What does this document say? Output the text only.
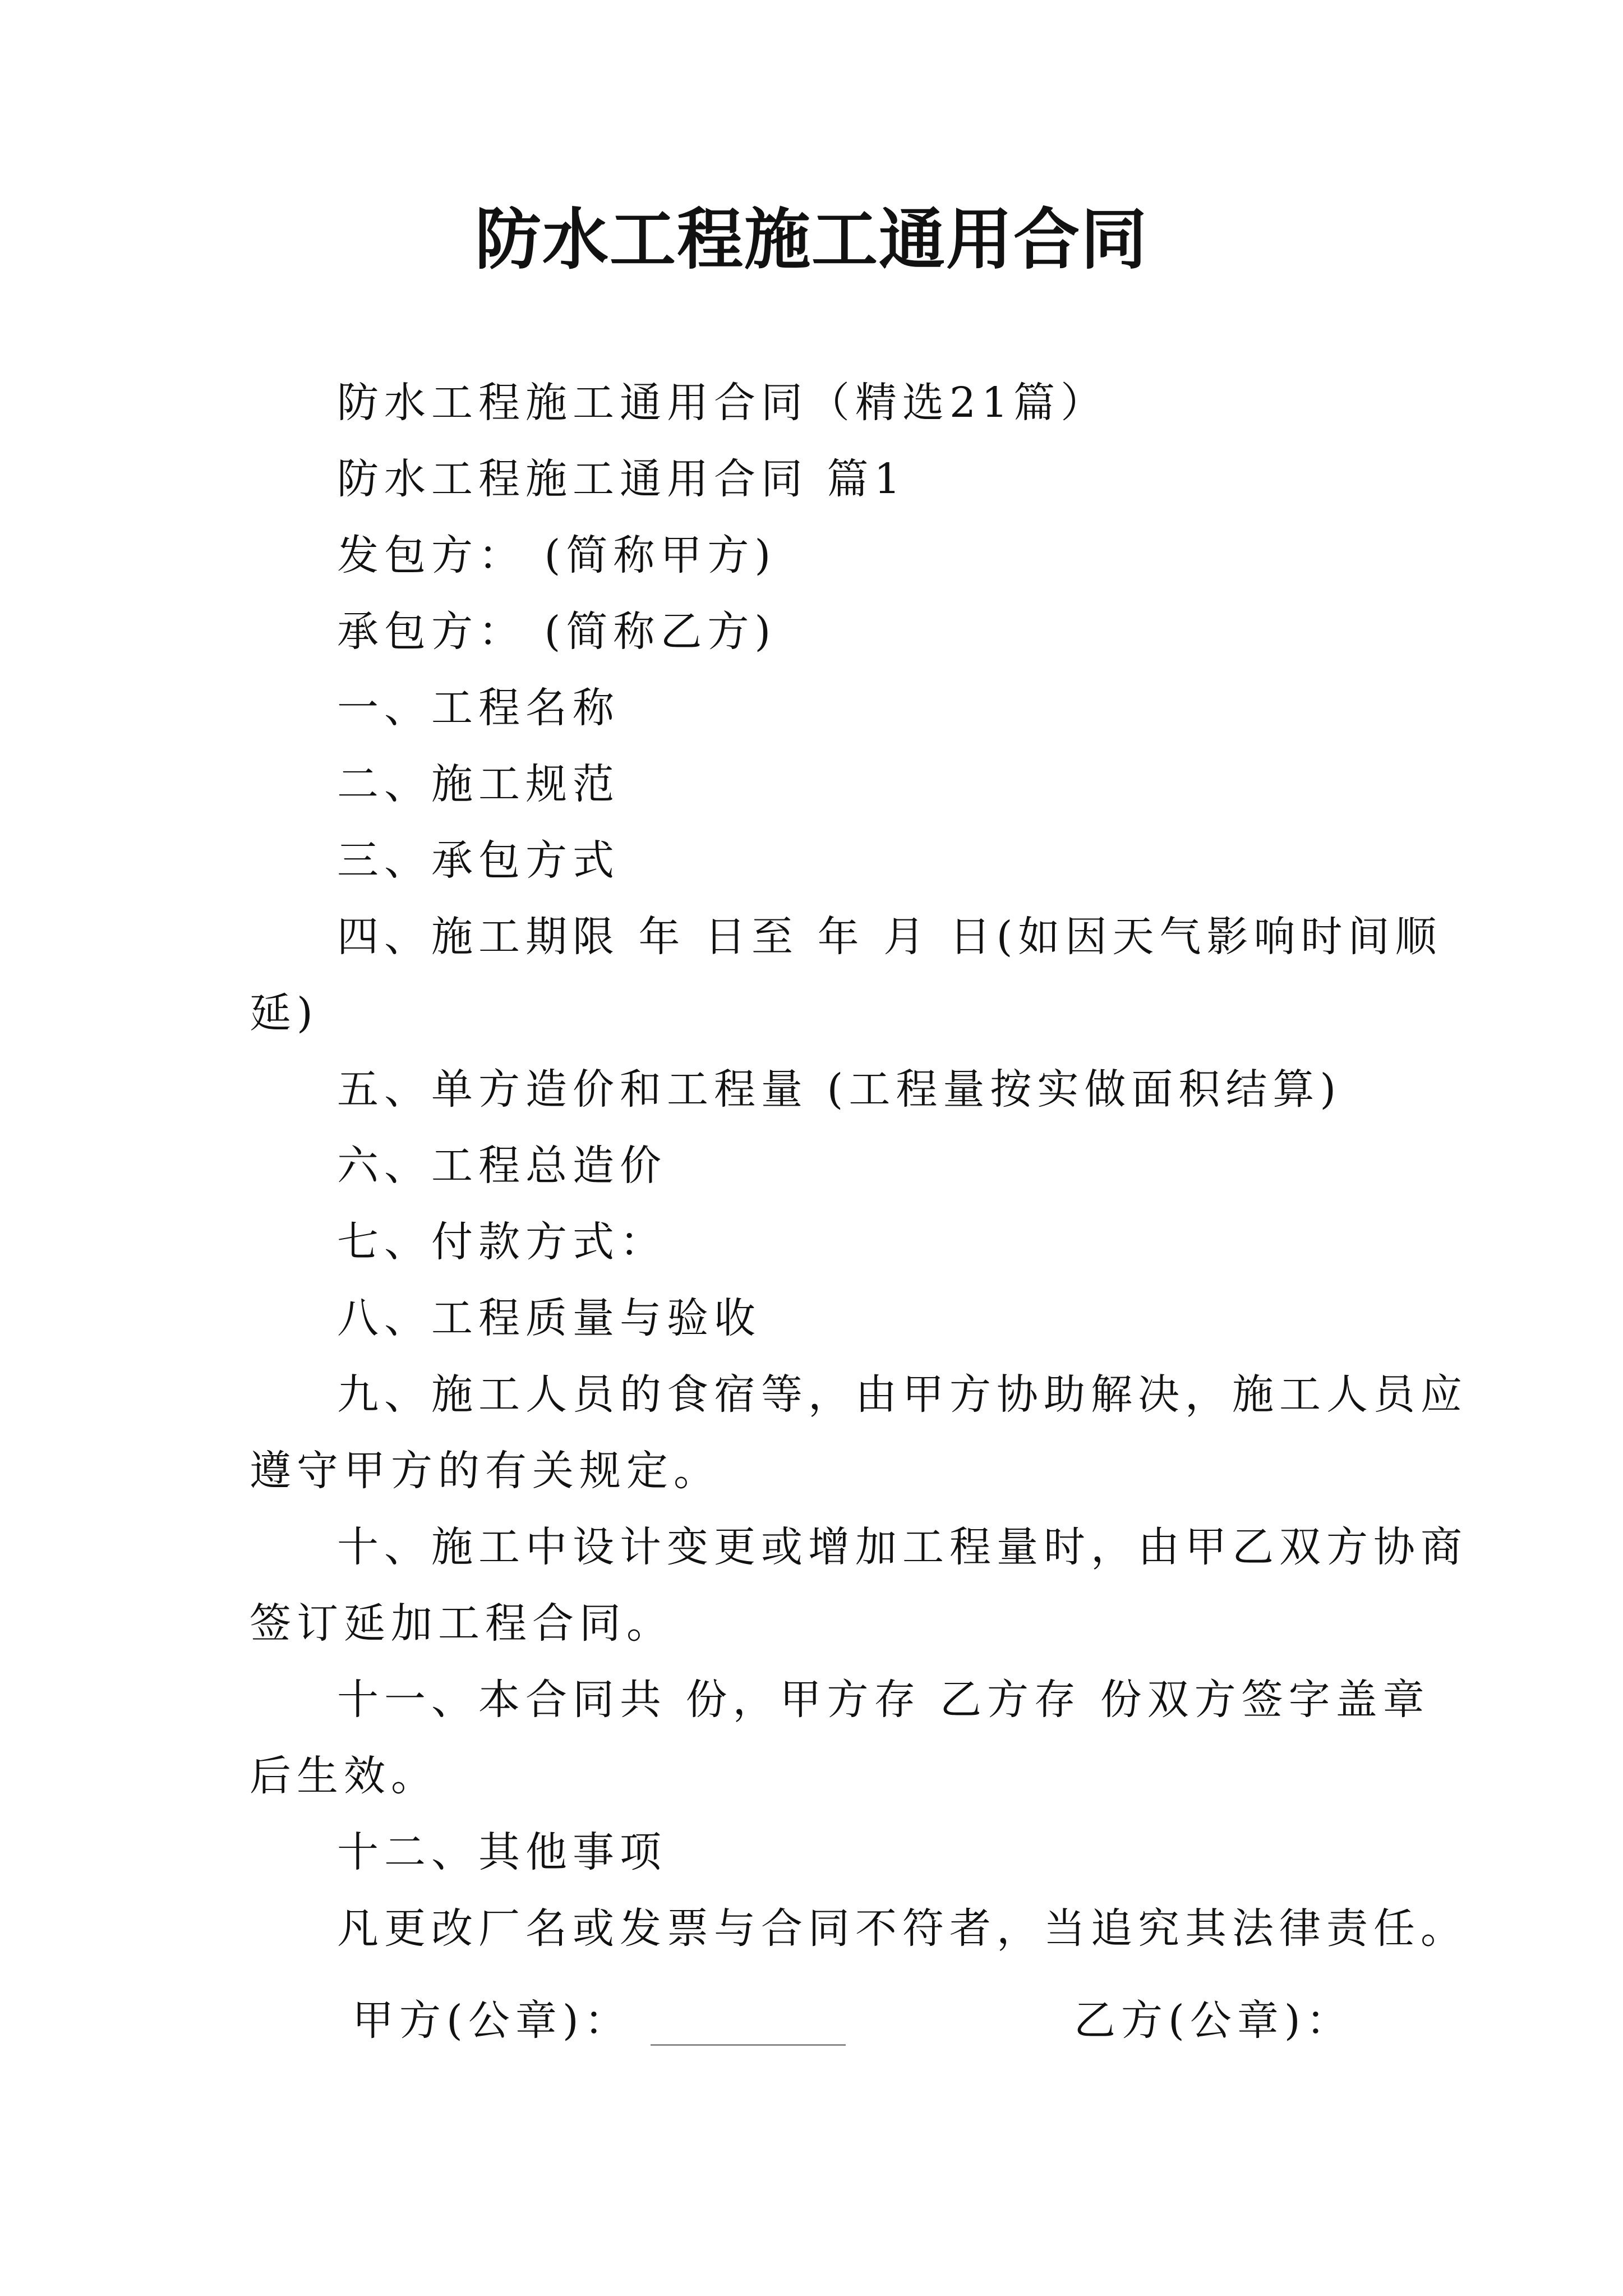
防水工程施工通用合同
防水工程施工通用合同（精选21篇）
防水工程施工通用合同 篇1
发包方： (简称甲方)
承包方： (简称乙方)
一、工程名称
二、施工规范
三、承包方式
四、施工期限 年 日至 年 月 日(如因天气影响时间顺
延)
五、单方造价和工程量 (工程量按实做面积结算)
六、工程总造价
七、付款方式：
八、工程质量与验收
九、施工人员的食宿等，由甲方协助解决，施工人员应
遵守甲方的有关规定。
十、施工中设计变更或增加工程量时，由甲乙双方协商
签订延加工程合同。
十一、本合同共 份，甲方存 乙方存 份双方签字盖章
后生效。
十二、其他事项
凡更改厂名或发票与合同不符者，当追究其法律责任。
甲方(公章)：	乙方(公章)：
